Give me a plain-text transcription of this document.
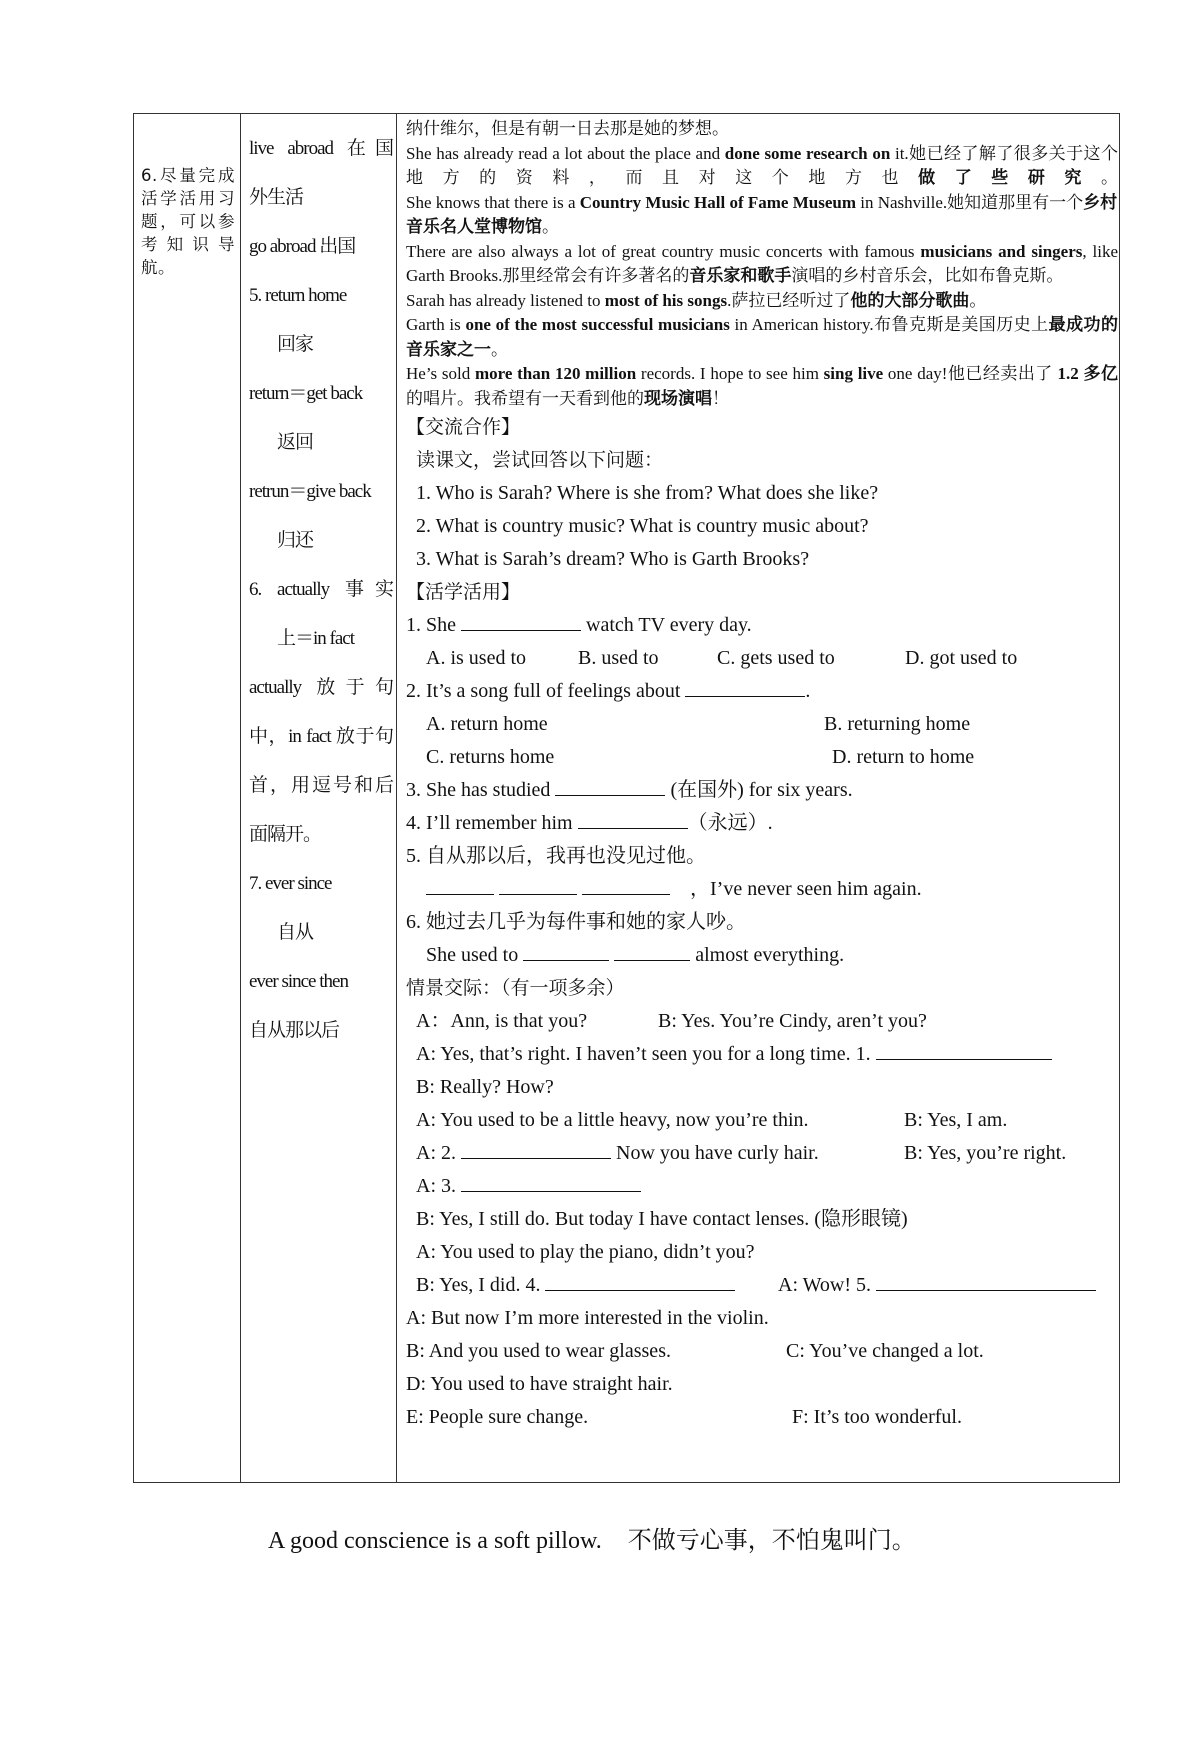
6.尽量完成活学活用习题，可以参考知识导航。
live abroad 在国
外生活
go abroad 出国
5. return home
回家
return＝get back
返回
retrun＝give back
归还
6. actually 事实
上＝in fact
actually 放于句
中，in fact 放于句
首，用逗号和后
面隔开。
7. ever since
自从
ever since then
自从那以后

纳什维尔，但是有朝一日去那是她的梦想。

She has already read a lot about the place and done some research on it.她已经了解了很多关于这个地方的资料，而且对这个地方也做了些研究。

She knows that there is a Country Music Hall of Fame Museum in Nashville.她知道那里有一个乡村音乐名人堂博物馆。

There are also always a lot of great country music concerts with famous musicians and singers, like Garth Brooks.那里经常会有许多著名的音乐家和歌手演唱的乡村音乐会，比如布鲁克斯。

Sarah has already listened to most of his songs.萨拉已经听过了他的大部分歌曲。

Garth is one of the most successful musicians in American history.布鲁克斯是美国历史上最成功的音乐家之一。

He’s sold more than 120 million records. I hope to see him sing live one day!他已经卖出了 1.2 多亿的唱片。我希望有一天看到他的现场演唱！

【交流合作】
读课文，尝试回答以下问题：
1. Who is Sarah? Where is she from? What does she like?
2. What is country music? What is country music about?
3. What is Sarah’s dream? Who is Garth Brooks?
【活学活用】
1. She	watch TV every day.
A. is used to	B. used to	C. gets used to	D. got used to
2. It’s a song full of feelings about	.
A. return home	B. returning home
C. returns home	D. return to home
3. She has studied	(在国外) for six years.
4. I’ll remember him	（永远）.
5. 自从那以后，我再也没见过他。
，I’ve never seen him again.
6. 她过去几乎为每件事和她的家人吵。
She used to	almost everything.
情景交际：（有一项多余）
A：Ann, is that you?	B: Yes. You’re Cindy, aren’t you?
A: Yes, that’s right. I haven’t seen you for a long time. 1.
B: Really? How?
A: You used to be a little heavy, now you’re thin.	B: Yes, I am.
A: 2.	Now you have curly hair.	B: Yes, you’re right.
A: 3.
B: Yes, I still do. But today I have contact lenses. (隐形眼镜)
A: You used to play the piano, didn’t you?
B: Yes, I did. 4.	A: Wow! 5.
A: But now I’m more interested in the violin.
B: And you used to wear glasses.	C: You’ve changed a lot.
D: You used to have straight hair.
E: People sure change.	F: It’s too wonderful.
A good conscience is a soft pillow. 不做亏心事，不怕鬼叫门。
